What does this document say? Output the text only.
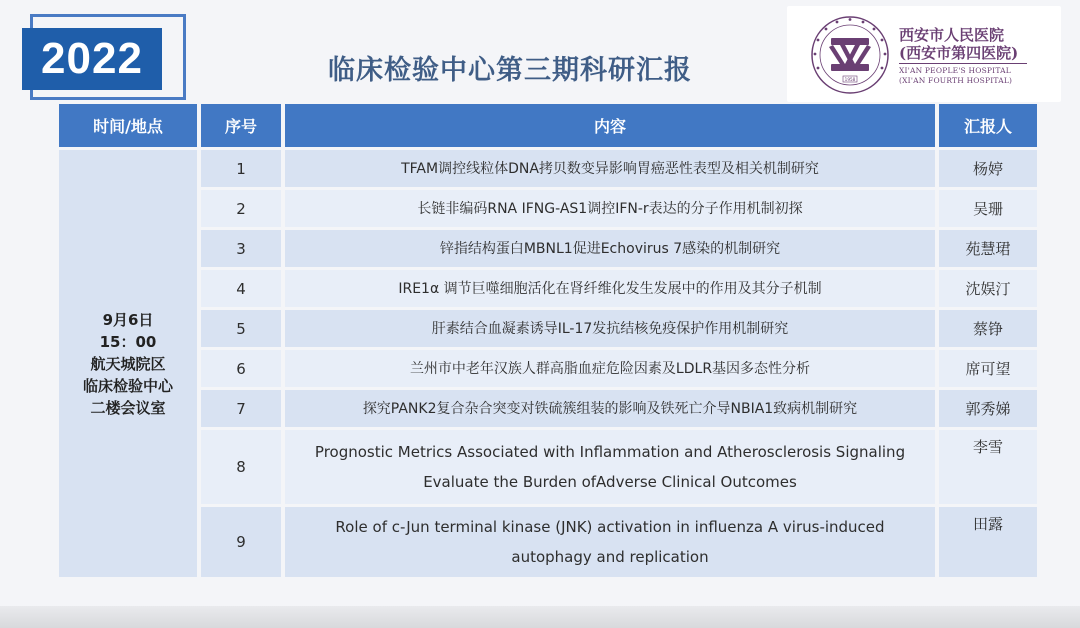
2022	临床检验中心第三期科研汇报	1958
西安市人民医院
(西安市第四医院)
XI'AN PEOPLE'S HOSPITAL
(XI'AN FOURTH HOSPITAL)
时间/地点	序号	内容	汇报人

9月6日
15：00
航天城院区
临床检验中心
二楼会议室	1	TFAM调控线粒体DNA拷贝数变异影响胃癌恶性表型及相关机制研究	杨婷
	2	长链非编码RNA IFNG-AS1调控IFN-r表达的分子作用机制初探	吴珊
	3	锌指结构蛋白MBNL1促进Echovirus 7感染的机制研究	苑慧珺
	4	IRE1α 调节巨噬细胞活化在肾纤维化发生发展中的作用及其分子机制	沈娱汀
	5	肝素结合血凝素诱导IL-17发抗结核免疫保护作用机制研究	蔡铮
	6	兰州市中老年汉族人群高脂血症危险因素及LDLR基因多态性分析	席可望
	7	探究PANK2复合杂合突变对铁硫簇组装的影响及铁死亡介导NBIA1致病机制研究	郭秀娣
	8	Prognostic Metrics Associated with Inflammation and Atherosclerosis Signaling
Evaluate the Burden ofAdverse Clinical Outcomes	李雪
	9	Role of c-Jun terminal kinase (JNK) activation in influenza A virus-induced
autophagy and replication	田露
